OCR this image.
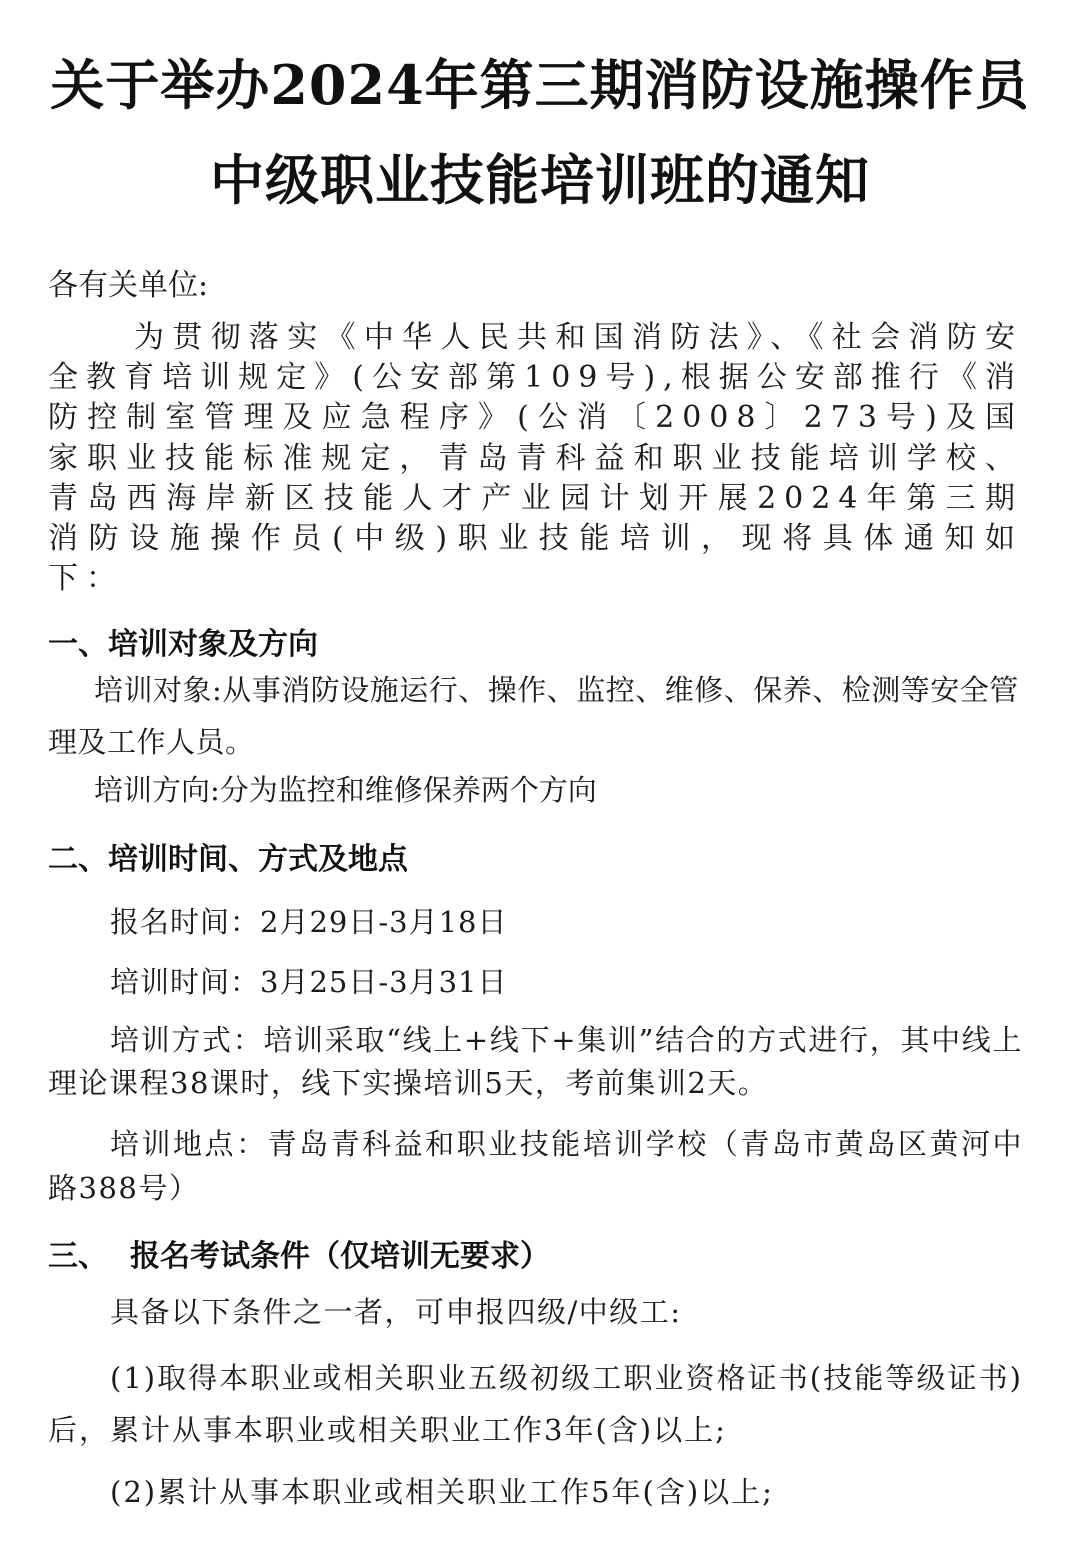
关于举办2024年第三期消防设施操作员
中级职业技能培训班的通知
各有关单位:
为贯彻落实《中华人民共和国消防法》、《社会消防安全教育培训规定》(公安部第109号),根据公安部推行《消防控制室管理及应急程序》(公消〔2008〕273号)及国家职业技能标准规定，青岛青科益和职业技能培训学校、青岛西海岸新区技能人才产业园计划开展2024年第三期消防设施操作员(中级)职业技能培训，现将具体通知如下：
一、培训对象及方向
培训对象:从事消防设施运行、操作、监控、维修、保养、检测等安全管理及工作人员。
培训方向:分为监控和维修保养两个方向
二、培训时间、方式及地点
报名时间：2月29日-3月18日
培训时间：3月25日-3月31日
培训方式：培训采取“线上+线下+集训”结合的方式进行，其中线上理论课程38课时，线下实操培训5天，考前集训2天。
培训地点：青岛青科益和职业技能培训学校（青岛市黄岛区黄河中路388号）
三、 报名考试条件（仅培训无要求）
具备以下条件之一者，可申报四级/中级工:
(1)取得本职业或相关职业五级初级工职业资格证书(技能等级证书)后，累计从事本职业或相关职业工作3年(含)以上;
(2)累计从事本职业或相关职业工作5年(含)以上;
